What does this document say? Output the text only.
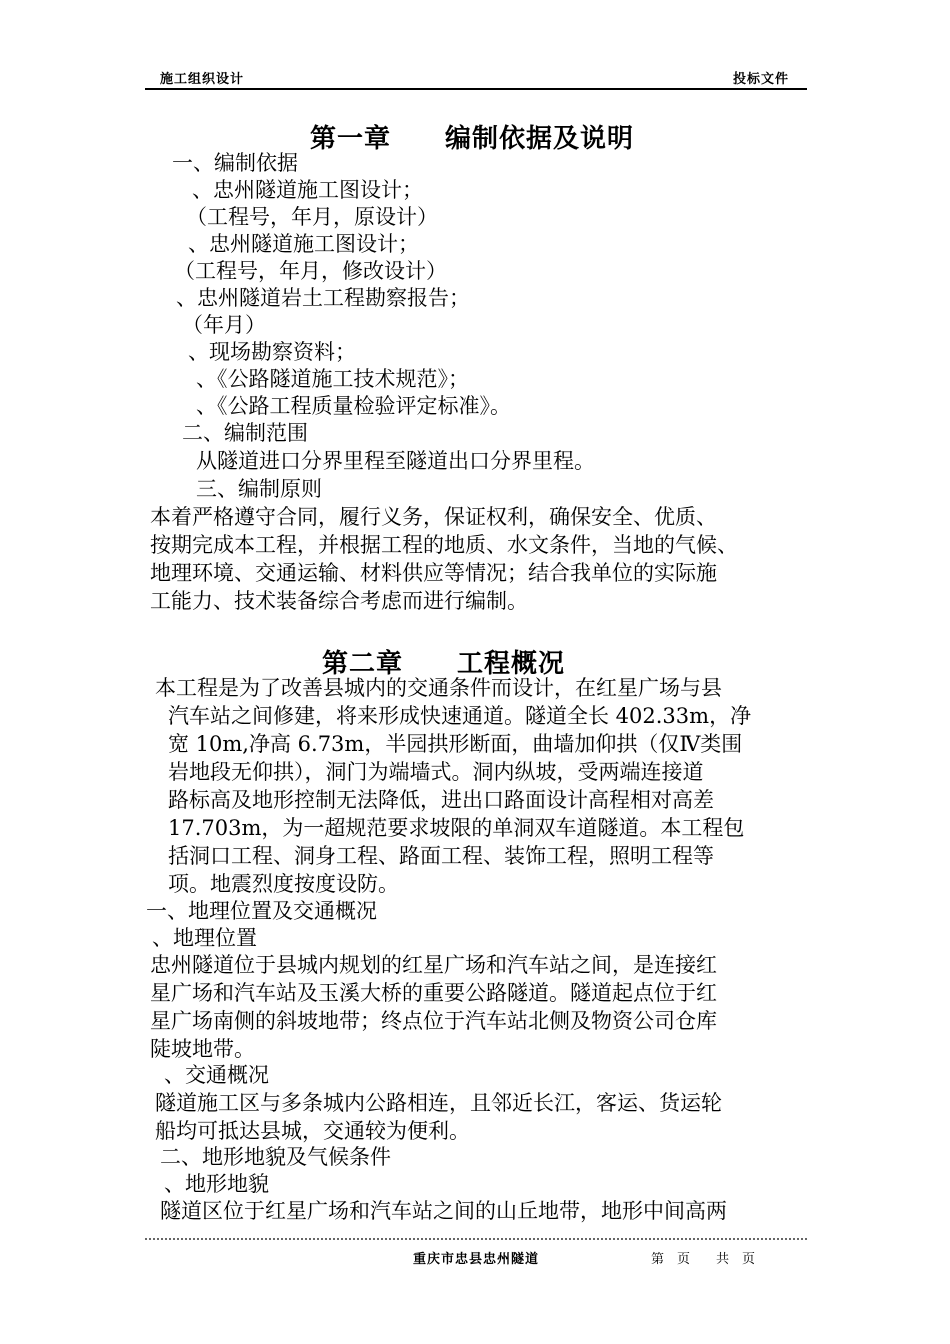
施工组织设计	投标文件
第一章　　编制依据及说明
一、编制依据
、忠州隧道施工图设计；
（工程号，年月，原设计）
、忠州隧道施工图设计；
（工程号，年月，修改设计）
、忠州隧道岩土工程勘察报告；
（年月）
、现场勘察资料；
、《公路隧道施工技术规范》；
、《公路工程质量检验评定标准》。
二、编制范围
从隧道进口分界里程至隧道出口分界里程。
三、编制原则
本着严格遵守合同，履行义务，保证权利，确保安全、优质、
按期完成本工程，并根据工程的地质、水文条件，当地的气候、
地理环境、交通运输、材料供应等情况；结合我单位的实际施
工能力、技术装备综合考虑而进行编制。
第二章　　工程概况
本工程是为了改善县城内的交通条件而设计，在红星广场与县
汽车站之间修建，将来形成快速通道。隧道全长 402.33m，净
宽 10m,净高 6.73m，半园拱形断面，曲墙加仰拱（仅Ⅳ类围
岩地段无仰拱），洞门为端墙式。洞内纵坡，受两端连接道
路标高及地形控制无法降低，进出口路面设计高程相对高差
17.703m，为一超规范要求坡限的单洞双车道隧道。本工程包
括洞口工程、洞身工程、路面工程、装饰工程，照明工程等
项。地震烈度按度设防。
一、地理位置及交通概况
、地理位置
忠州隧道位于县城内规划的红星广场和汽车站之间，是连接红
星广场和汽车站及玉溪大桥的重要公路隧道。隧道起点位于红
星广场南侧的斜坡地带；终点位于汽车站北侧及物资公司仓库
陡坡地带。
、交通概况
隧道施工区与多条城内公路相连，且邻近长江，客运、货运轮
船均可抵达县城，交通较为便利。
二、地形地貌及气候条件
、地形地貌
隧道区位于红星广场和汽车站之间的山丘地带，地形中间高两
重庆市忠县忠州隧道	第　页　　共　页
